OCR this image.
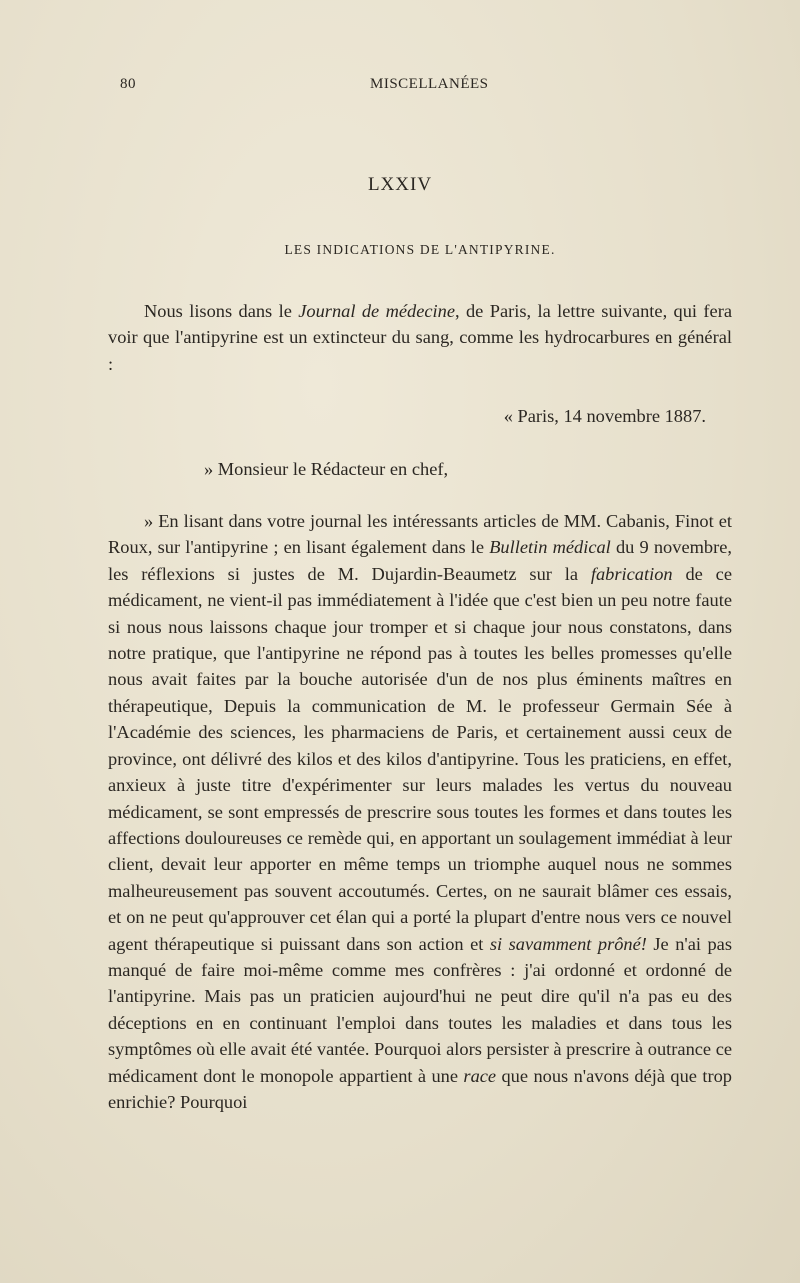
80	MISCELLANÉES
LXXIV
LES INDICATIONS DE L'ANTIPYRINE.

Nous lisons dans le Journal de médecine, de Paris, la lettre suivante, qui fera voir que l'antipyrine est un extincteur du sang, comme les hydrocarbures en général :

« Paris, 14 novembre 1887.

» Monsieur le Rédacteur en chef,

» En lisant dans votre journal les intéressants articles de MM. Cabanis, Finot et Roux, sur l'antipyrine ; en lisant également dans le Bulletin médical du 9 novembre, les réflexions si justes de M. Dujardin-Beaumetz sur la fabrication de ce médicament, ne vient-il pas immédiatement à l'idée que c'est bien un peu notre faute si nous nous laissons chaque jour tromper et si chaque jour nous constatons, dans notre pratique, que l'antipyrine ne répond pas à toutes les belles promesses qu'elle nous avait faites par la bouche autorisée d'un de nos plus éminents maîtres en thérapeutique, Depuis la communication de M. le professeur Germain Sée à l'Académie des sciences, les pharmaciens de Paris, et certainement aussi ceux de province, ont délivré des kilos et des kilos d'antipyrine. Tous les praticiens, en effet, anxieux à juste titre d'expérimenter sur leurs malades les vertus du nouveau médicament, se sont empressés de prescrire sous toutes les formes et dans toutes les affections douloureuses ce remède qui, en apportant un soulagement immédiat à leur client, devait leur apporter en même temps un triomphe auquel nous ne sommes malheureusement pas souvent accoutumés. Certes, on ne saurait blâmer ces essais, et on ne peut qu'approuver cet élan qui a porté la plupart d'entre nous vers ce nouvel agent thérapeutique si puissant dans son action et si savamment prôné! Je n'ai pas manqué de faire moi-même comme mes confrères : j'ai ordonné et ordonné de l'antipyrine. Mais pas un praticien aujourd'hui ne peut dire qu'il n'a pas eu des déceptions en en continuant l'emploi dans toutes les maladies et dans tous les symptômes où elle avait été vantée. Pourquoi alors persister à prescrire à outrance ce médicament dont le monopole appartient à une race que nous n'avons déjà que trop enrichie? Pourquoi
